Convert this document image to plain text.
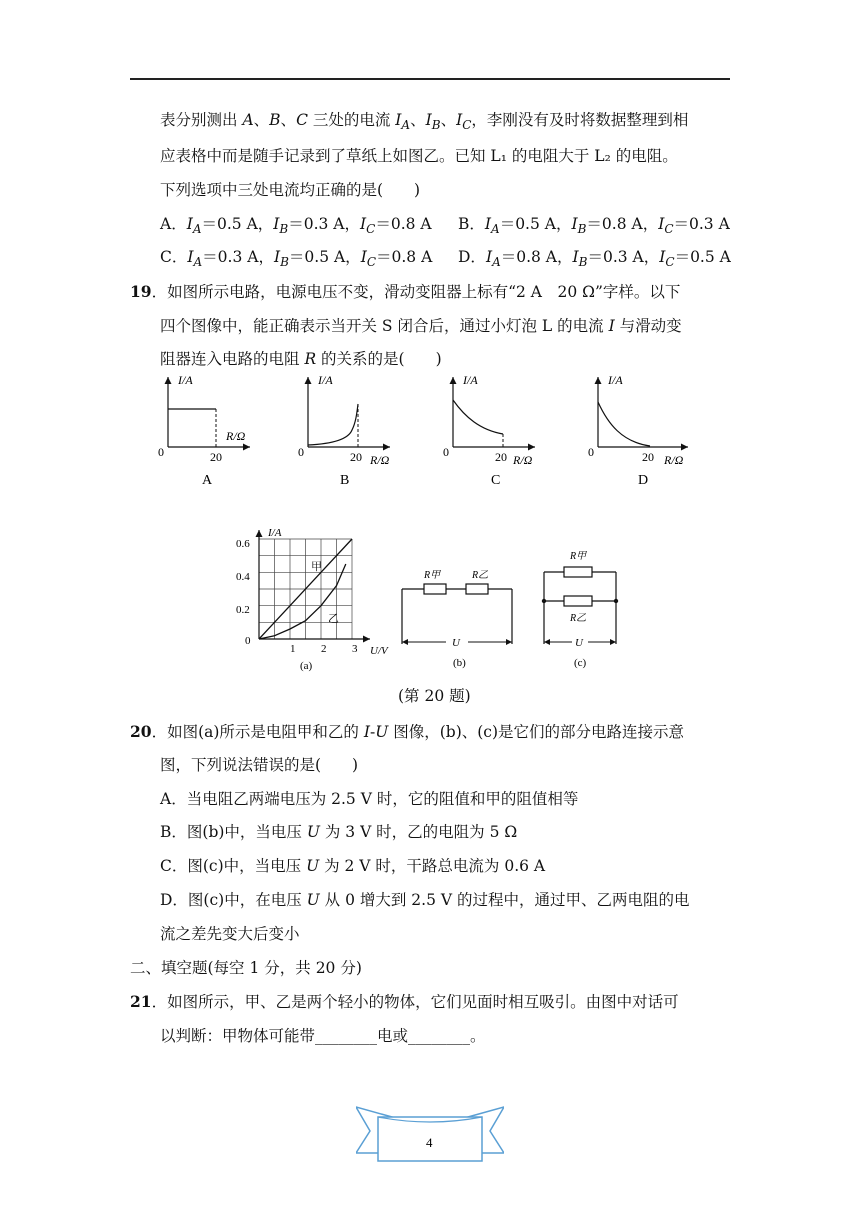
表分别测出 A、B、C 三处的电流 $I_A$、$I_B$、$I_C$，李刚没有及时将数据整理到相
应表格中而是随手记录到了草纸上如图乙。已知 L₁ 的电阻大于 L₂ 的电阻。
下列选项中三处电流均正确的是(　　)
A．$I_A=0.5$ A，$I_B=0.3$ A，$I_C=0.8$ A B．$I_A=0.5$ A，$I_B=0.8$ A，$I_C=0.3$ A
C．$I_A=0.3$ A，$I_B=0.5$ A，$I_C=0.8$ A D．$I_A=0.8$ A，$I_B=0.3$ A，$I_C=0.5$ A
19．如图所示电路，电源电压不变，滑动变阻器上标有“2 A　20 Ω”字样。以下
四个图像中，能正确表示当开关 S 闭合后，通过小灯泡 L 的电流 I 与滑动变
阻器连入电路的电阻 R 的关系的是(　　)
I/A
R/Ω
0	20
A
I/A
R/Ω
0	20
B
I/A
R/Ω
0	20
C
I/A
R/Ω
0	20
D
I/A
U/V
0.6
0.4
0.2
0
1 2 3
甲
乙
(a)
R甲	R乙
U
(b)
R甲
R乙
U
(c)
(第 20 题)
20．如图(a)所示是电阻甲和乙的 I-U 图像，(b)、(c)是它们的部分电路连接示意
图，下列说法错误的是(　　)
A．当电阻乙两端电压为 2.5 V 时，它的阻值和甲的阻值相等
B．图(b)中，当电压 U 为 3 V 时，乙的电阻为 5 Ω
C．图(c)中，当电压 U 为 2 V 时，干路总电流为 0.6 A
D．图(c)中，在电压 U 从 0 增大到 2.5 V 的过程中，通过甲、乙两电阻的电
流之差先变大后变小
二、填空题(每空 1 分，共 20 分)
21．如图所示，甲、乙是两个轻小的物体，它们见面时相互吸引。由图中对话可
以判断：甲物体可能带________电或________。
4
